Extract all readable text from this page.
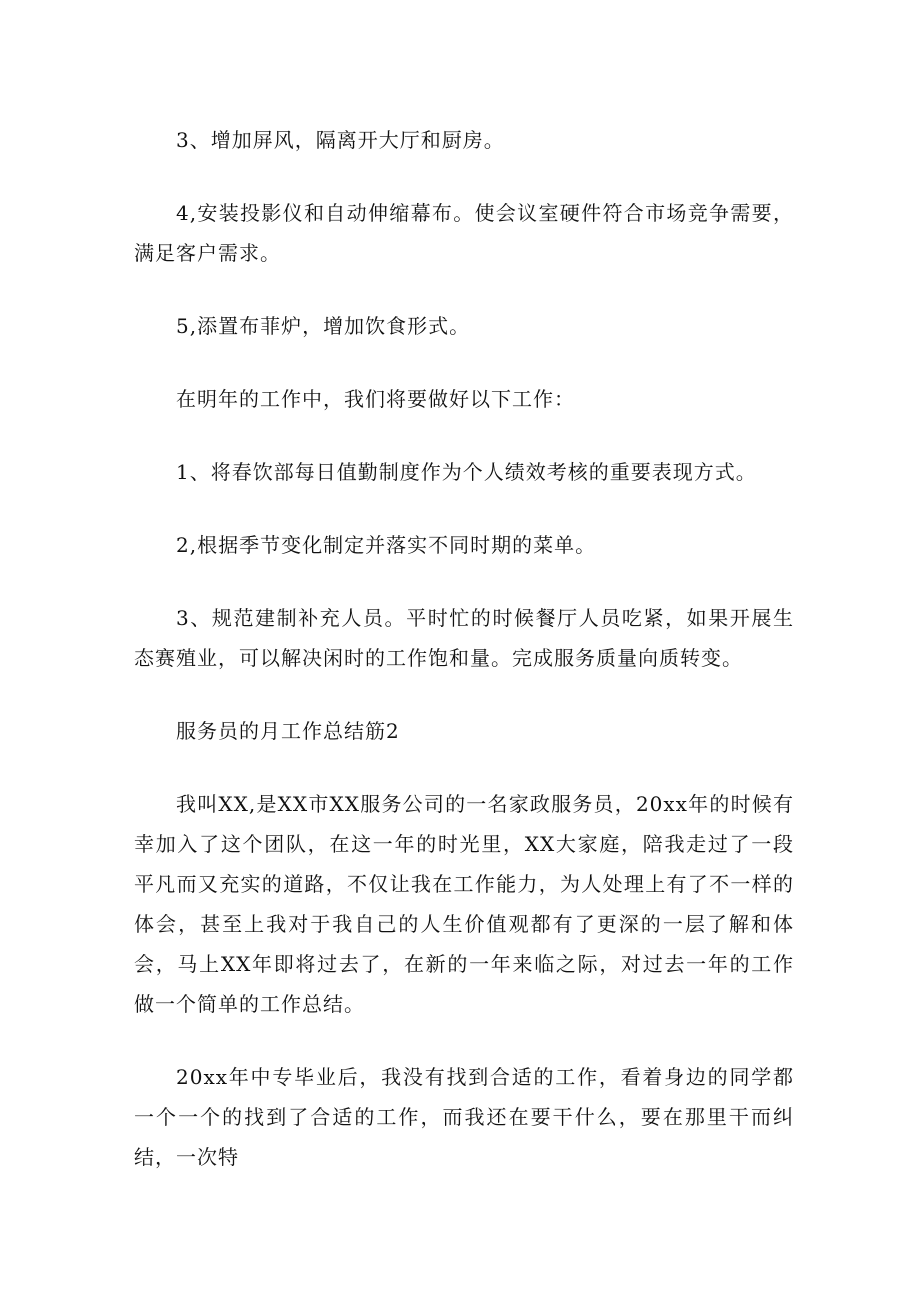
3、增加屏风，隔离开大厅和厨房。

4,安装投影仪和自动伸缩幕布。使会议室硬件符合市场竞争需要，满足客户需求。

5,添置布菲炉，增加饮食形式。

在明年的工作中，我们将要做好以下工作：

1、将春饮部每日值勤制度作为个人绩效考核的重要表现方式。

2,根据季节变化制定并落实不同时期的菜单。

3、规范建制补充人员。平时忙的时候餐厅人员吃紧，如果开展生态赛殖业，可以解决闲时的工作饱和量。完成服务质量向质转变。

服务员的月工作总结筋2

我叫XX,是XX市XX服务公司的一名家政服务员，20xx年的时候有幸加入了这个团队，在这一年的时光里，XX大家庭，陪我走过了一段平凡而又充实的道路，不仅让我在工作能力，为人处理上有了不一样的体会，甚至上我对于我自己的人生价值观都有了更深的一层了解和体会，马上XX年即将过去了，在新的一年来临之际，对过去一年的工作做一个简单的工作总结。

20xx年中专毕业后，我没有找到合适的工作，看着身边的同学都一个一个的找到了合适的工作，而我还在要干什么，要在那里干而纠结，一次特
